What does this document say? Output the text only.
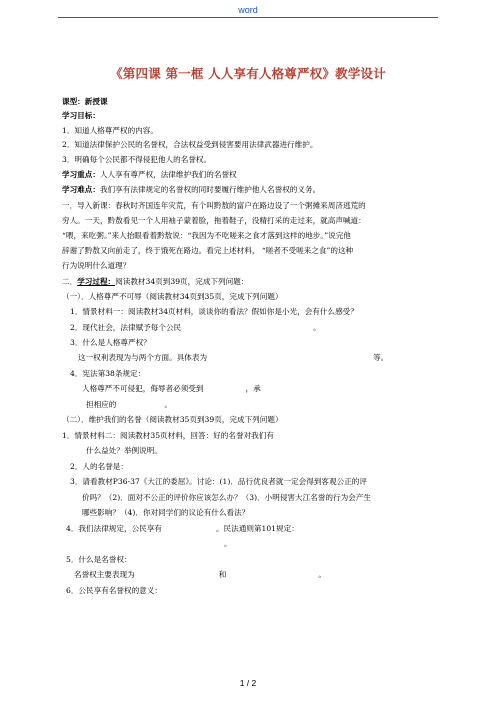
word
《第四课 第一框 人人享有人格尊严权》教学设计
课型：新授课
学习目标：
1．知道人格尊严权的内容。
2．知道法律保护公民的名誉权，合法权益受到侵害要用法律武器进行维护。
3．明确每个公民都不得侵犯他人的名誉权。
学习重点：人人享有尊严权，法律维护我们的名誉权
学习难点：我们享有法律规定的名誉权的同时要履行维护他人名誉权的义务。
一．导入新课：春秋时齐国连年灾荒，有个叫黔敖的富户在路边设了一个粥摊来周济逃荒的
穷人。一天，黔敖看见一个人用袖子蒙着脸，拖着鞋子，没精打采的走过来，就高声喊道：
“喂，来吃粥。”来人抬眼看着黔敖说：“我因为不吃嗟来之食才落到这样的地步。”说完他
辞谢了黔敖又向前走了，终于饿死在路边。看完上述材料， “嗟者不受嗟来之食”的这种
行为说明什么道理？
二．学习过程：阅读教材34页到39页，完成下列问题：
（一）．人格尊严不可辱（阅读教材34页到35页，完成下列问题）
1．情景材料一：阅读教材34页材料，谈谈你的看法？假如你是小光，会有什么感受？
2．现代社会，法律赋予每个公民	。
3．什么是人格尊严权？
这一权利表现为与两个方面。具体表为	等。
4．宪法第38条规定：
人格尊严不可侵犯，侮辱者必须受到	，承
担相应的	。
（二）．维护我们的名誉（阅读教材35页到39页，完成下列问题）
1．情景材料二：阅读教材35页材料，回答：好的名誉对我们有
什么益处？举例说明。
2．人的名誉是：
3．请看教材P36-37《大江的委屈》。讨论：(1)．品行优良者就一定会得到客观公正的评
价吗？（2)．面对不公正的评价你应该怎么办？（3)．小明侵害大江名誉的行为会产生
哪些影响？（4)．你对同学们的议论有什么看法？
4．我们法律规定，公民享有	。民法通则第101规定：
。
5．什么是名誉权：
名誉权主要表现为	和	。
6．公民享有名誉权的意义：
1 / 2
